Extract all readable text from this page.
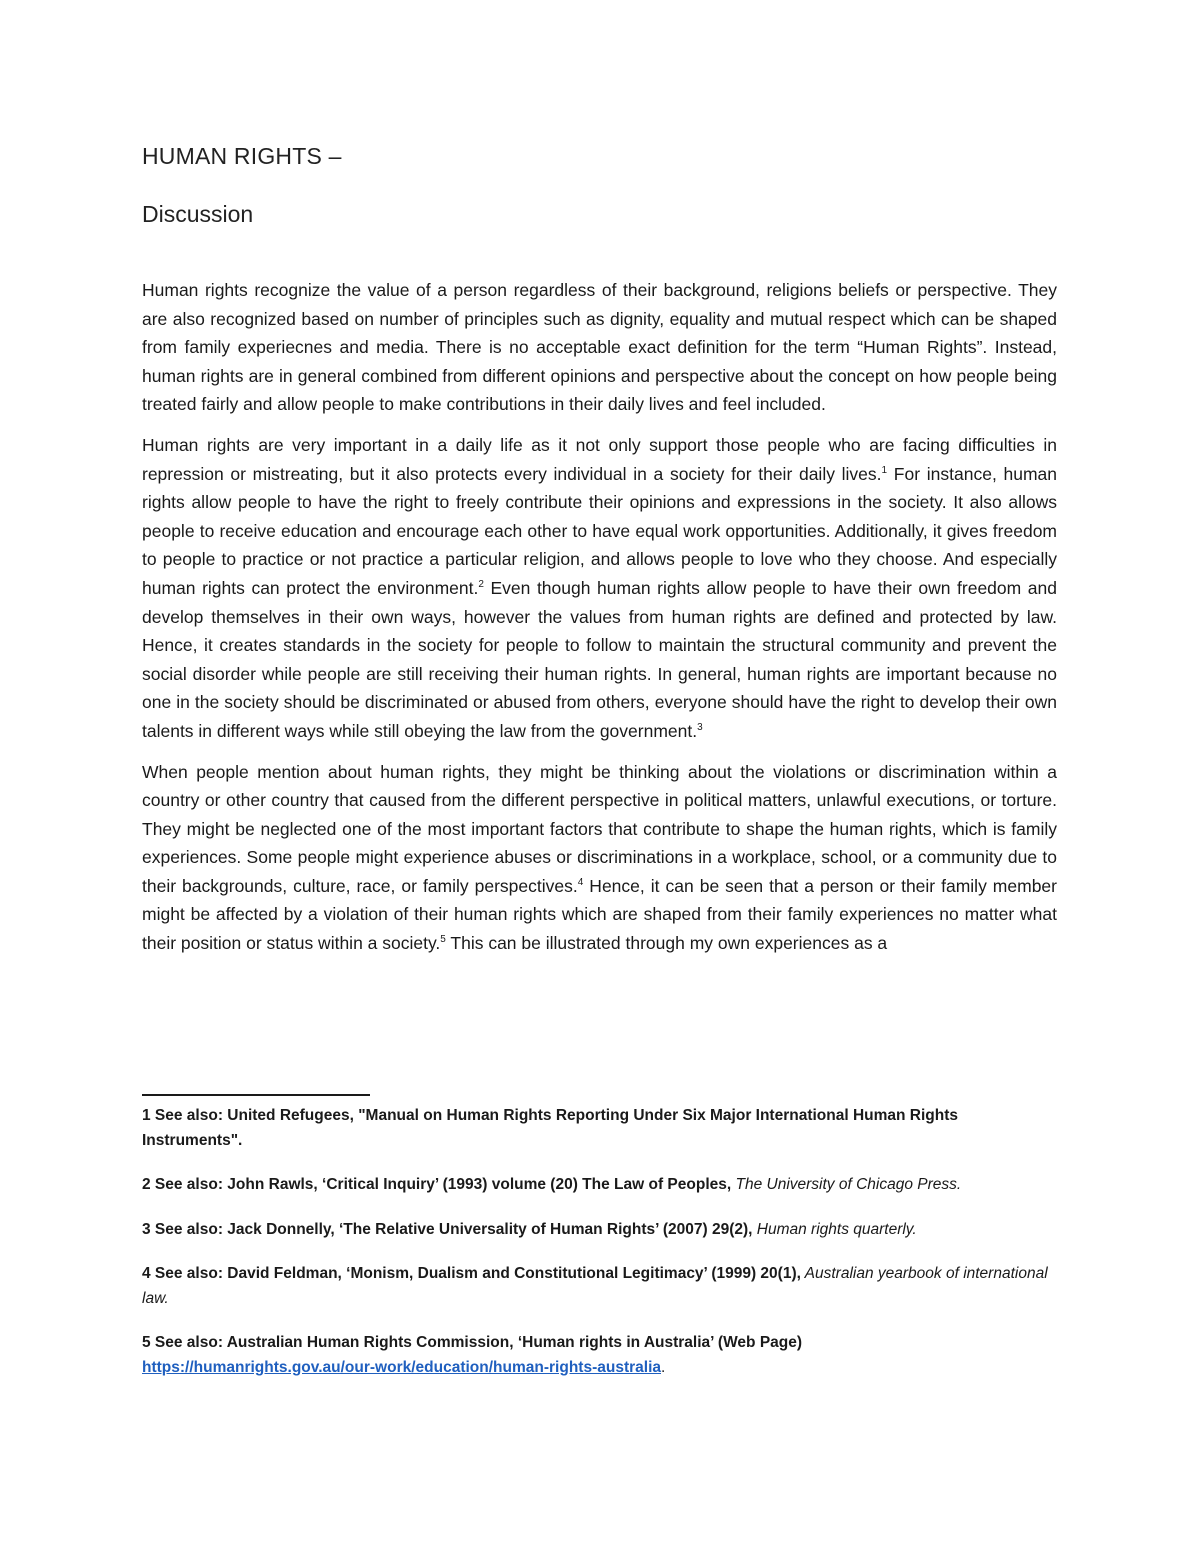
HUMAN RIGHTS –
Discussion

Human rights recognize the value of a person regardless of their background, religions beliefs or perspective. They are also recognized based on number of principles such as dignity, equality and mutual respect which can be shaped from family experiecnes and media. There is no acceptable exact definition for the term “Human Rights”. Instead, human rights are in general combined from different opinions and perspective about the concept on how people being treated fairly and allow people to make contributions in their daily lives and feel included.

Human rights are very important in a daily life as it not only support those people who are facing difficulties in repression or mistreating, but it also protects every individual in a society for their daily lives.$^1$ For instance, human rights allow people to have the right to freely contribute their opinions and expressions in the society. It also allows people to receive education and encourage each other to have equal work opportunities. Additionally, it gives freedom to people to practice or not practice a particular religion, and allows people to love who they choose. And especially human rights can protect the environment.$^2$ Even though human rights allow people to have their own freedom and develop themselves in their own ways, however the values from human rights are defined and protected by law. Hence, it creates standards in the society for people to follow to maintain the structural community and prevent the social disorder while people are still receiving their human rights. In general, human rights are important because no one in the society should be discriminated or abused from others, everyone should have the right to develop their own talents in different ways while still obeying the law from the government.$^3$

When people mention about human rights, they might be thinking about the violations or discrimination within a country or other country that caused from the different perspective in political matters, unlawful executions, or torture. They might be neglected one of the most important factors that contribute to shape the human rights, which is family experiences. Some people might experience abuses or discriminations in a workplace, school, or a community due to their backgrounds, culture, race, or family perspectives.$^4$ Hence, it can be seen that a person or their family member might be affected by a violation of their human rights which are shaped from their family experiences no matter what their position or status within a society.$^5$ This can be illustrated through my own experiences as a

1 See also: United Refugees, "Manual on Human Rights Reporting Under Six Major International Human Rights Instruments".
2 See also: John Rawls, ‘Critical Inquiry’ (1993) volume (20) The Law of Peoples, The University of Chicago Press.
3 See also: Jack Donnelly, ‘The Relative Universality of Human Rights’ (2007) 29(2), Human rights quarterly.
4 See also: David Feldman, ‘Monism, Dualism and Constitutional Legitimacy’ (1999) 20(1), Australian yearbook of international law.
5 See also: Australian Human Rights Commission, ‘Human rights in Australia’ (Web Page)
https://humanrights.gov.au/our-work/education/human-rights-australia.
